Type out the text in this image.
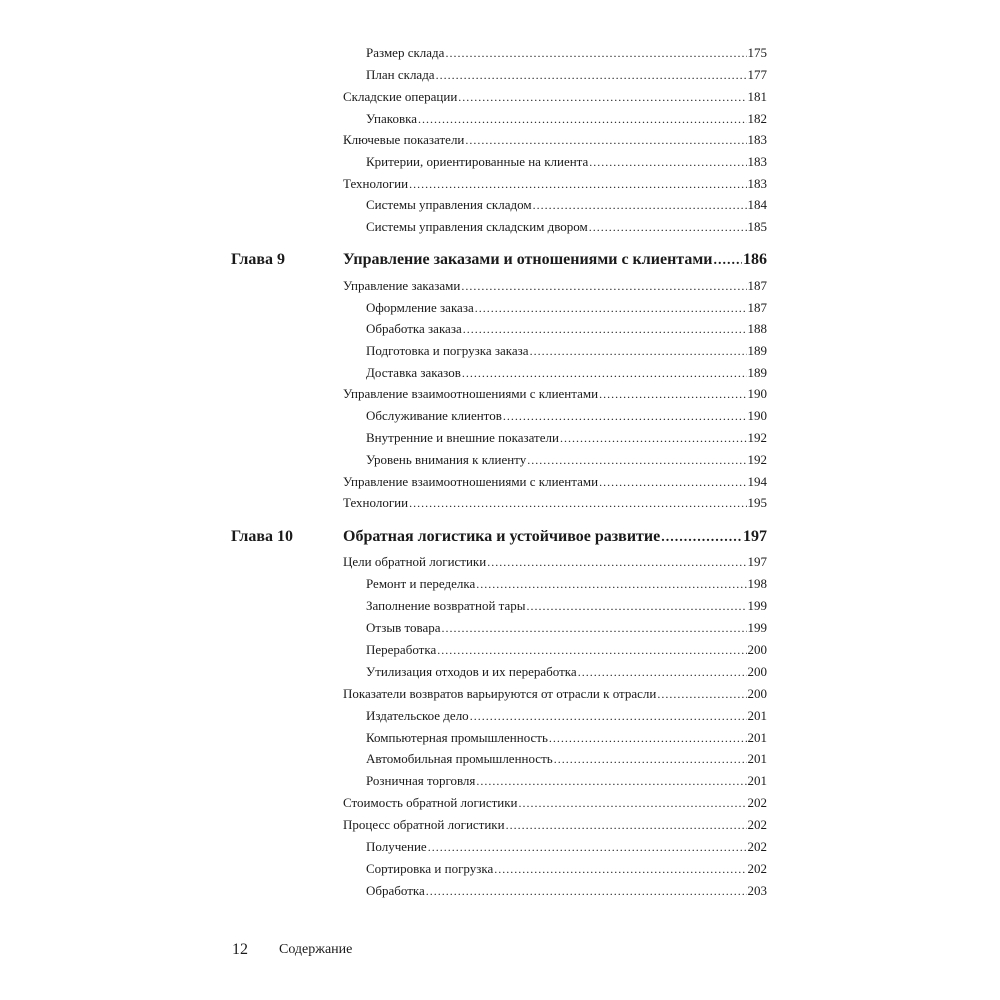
Размер склада .....	175
План склада .....	177
Складские операции .....	181
Упаковка .....	182
Ключевые показатели .....	183
Критерии, ориентированные на клиента .....	183
Технологии .....	183
Системы управления складом .....	184
Системы управления складским двором .....	185
Глава 9	Управление заказами и отношениями с клиентами ..... 186
Управление заказами .....	187
Оформление заказа .....	187
Обработка заказа .....	188
Подготовка и погрузка заказа .....	189
Доставка заказов .....	189
Управление взаимоотношениями с клиентами .....	190
Обслуживание клиентов .....	190
Внутренние и внешние показатели .....	192
Уровень внимания к клиенту .....	192
Управление взаимоотношениями с клиентами .....	194
Технологии .....	195
Глава 10	Обратная логистика и устойчивое развитие .....	197
Цели обратной логистики .....	197
Ремонт и переделка .....	198
Заполнение возвратной тары .....	199
Отзыв товара .....	199
Переработка .....	200
Утилизация отходов и их переработка .....	200
Показатели возвратов варьируются от отрасли к отрасли .....	200
Издательское дело .....	201
Компьютерная промышленность .....	201
Автомобильная промышленность .....	201
Розничная торговля .....	201
Стоимость обратной логистики .....	202
Процесс обратной логистики .....	202
Получение .....	202
Сортировка и погрузка .....	202
Обработка .....	203
12 Содержание
